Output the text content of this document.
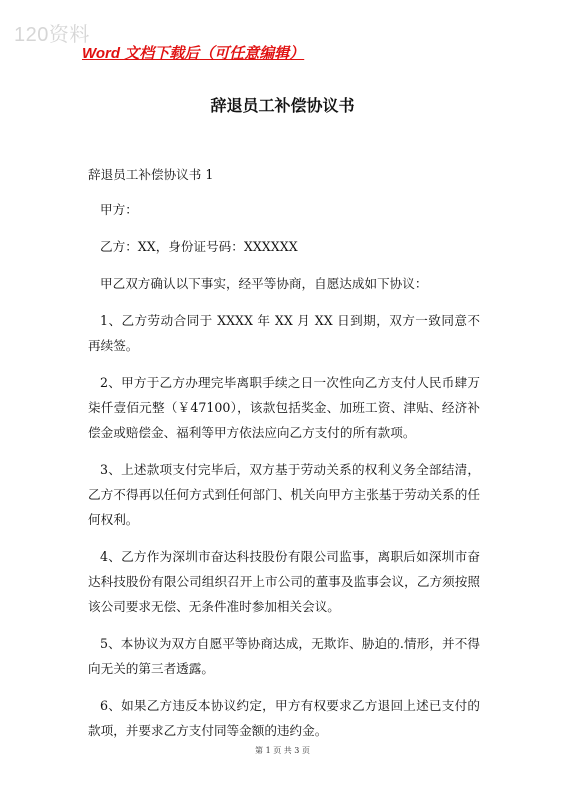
120资料
Word 文档下载后（可任意编辑）
辞退员工补偿协议书

辞退员工补偿协议书 1

甲方：

乙方：XX，身份证号码：XXXXXX

甲乙双方确认以下事实，经平等协商，自愿达成如下协议：

1、乙方劳动合同于 XXXX 年 XX 月 XX 日到期，双方一致同意不再续签。

2、甲方于乙方办理完毕离职手续之日一次性向乙方支付人民币肆万柒仟壹佰元整（￥47100），该款包括奖金、加班工资、津贴、经济补偿金或赔偿金、福利等甲方依法应向乙方支付的所有款项。

3、上述款项支付完毕后，双方基于劳动关系的权利义务全部结清，乙方不得再以任何方式到任何部门、机关向甲方主张基于劳动关系的任何权利。

4、乙方作为深圳市奋达科技股份有限公司监事，离职后如深圳市奋达科技股份有限公司组织召开上市公司的董事及监事会议，乙方须按照该公司要求无偿、无条件准时参加相关会议。

5、本协议为双方自愿平等协商达成，无欺诈、胁迫的.情形，并不得向无关的第三者透露。

6、如果乙方违反本协议约定，甲方有权要求乙方退回上述已支付的款项，并要求乙方支付同等金额的违约金。

第 1 页 共 3 页
